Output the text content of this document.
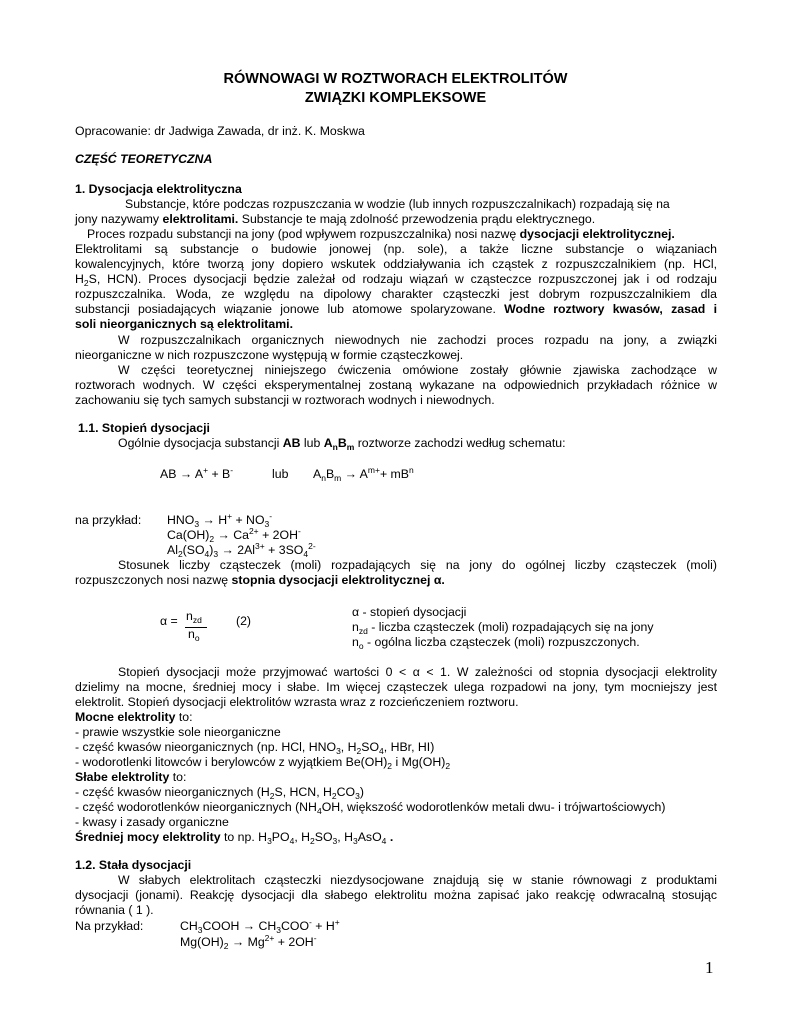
RÓWNOWAGI W ROZTWORACH ELEKTROLITÓW
ZWIĄZKI KOMPLEKSOWE
Opracowanie: dr Jadwiga Zawada, dr inż. K. Moskwa
CZĘŚĆ TEORETYCZNA
1. Dysocjacja elektrolityczna
Substancje, które podczas rozpuszczania w wodzie (lub innych rozpuszczalnikach) rozpadają się na
jony nazywamy elektrolitami. Substancje te mają zdolność przewodzenia prądu elektrycznego.
Proces rozpadu substancji na jony (pod wpływem rozpuszczalnika) nosi nazwę dysocjacji elektrolitycznej.
Elektrolitami są substancje o budowie jonowej (np. sole), a także liczne substancje o wiązaniach
kowalencyjnych, które tworzą jony dopiero wskutek oddziaływania ich cząstek z rozpuszczalnikiem (np. HCl,
$H_2S$, HCN). Proces dysocjacji będzie zależał od rodzaju wiązań w cząsteczce rozpuszczonej jak i od rodzaju
rozpuszczalnika. Woda, ze względu na dipolowy charakter cząsteczki jest dobrym rozpuszczalnikiem dla
substancji posiadających wiązanie jonowe lub atomowe spolaryzowane. Wodne roztwory kwasów, zasad i
soli nieorganicznych są elektrolitami.
W rozpuszczalnikach organicznych niewodnych nie zachodzi proces rozpadu na jony, a związki
nieorganiczne w nich rozpuszczone występują w formie cząsteczkowej.
W części teoretycznej niniejszego ćwiczenia omówione zostały głównie zjawiska zachodzące w
roztworach wodnych. W części eksperymentalnej zostaną wykazane na odpowiednich przykładach różnice w
zachowaniu się tych samych substancji w roztworach wodnych i niewodnych.
1.1. Stopień dysocjacji
Ogólnie dysocjacja substancji AB lub $A_nB_m$ roztworze zachodzi według schematu:
AB → A+ + B-	lub $A_nB_m \to A^{m+}+ mB^n$
na przykład: $HNO_3 \to H^+ + NO_3^-$
$Ca(OH)_2 \to Ca^{2+} + 2OH^-$
$Al_2(SO_4)_3 \to 2Al^{3+} + 3SO_4^{2-}$
Stosunek liczby cząsteczek (moli) rozpadających się na jony do ogólnej liczby cząsteczek (moli)
rozpuszczonych nosi nazwę stopnia dysocjacji elektrolitycznej α.
$\alpha = n_{zd}$
$n_o$
(2)
α - stopień dysocjacji
$n_{zd}$ - liczba cząsteczek (moli) rozpadających się na jony
$n_o$ - ogólna liczba cząsteczek (moli) rozpuszczonych.
Stopień dysocjacji może przyjmować wartości 0 < α < 1. W zależności od stopnia dysocjacji elektrolity
dzielimy na mocne, średniej mocy i słabe. Im więcej cząsteczek ulega rozpadowi na jony, tym mocniejszy jest
elektrolit. Stopień dysocjacji elektrolitów wzrasta wraz z rozcieńczeniem roztworu.
Mocne elektrolity to:
- prawie wszystkie sole nieorganiczne
- część kwasów nieorganicznych (np. HCl, $HNO_3$, $H_2SO_4$, HBr, HI)
- wodorotlenki litowców i berylowców z wyjątkiem $Be(OH)_2$ i $Mg(OH)_2$
Słabe elektrolity to:
- część kwasów nieorganicznych ($H_2S$, HCN, $H_2CO_3$)
- część wodorotlenków nieorganicznych ($NH_4OH$, większość wodorotlenków metali dwu- i trójwartościowych)
- kwasy i zasady organiczne
Średniej mocy elektrolity to np. $H_3PO_4$, $H_2SO_3$, $H_3AsO_4$ .
1.2. Stała dysocjacji
W słabych elektrolitach cząsteczki niezdysocjowane znajdują się w stanie równowagi z produktami
dysocjacji (jonami). Reakcję dysocjacji dla słabego elektrolitu można zapisać jako reakcję odwracalną stosując
równania ( 1 ).
Na przykład:	$CH_3COOH \to CH_3COO^- + H^+$
$Mg(OH)_2 \to Mg^{2+} + 2OH^-$
1
